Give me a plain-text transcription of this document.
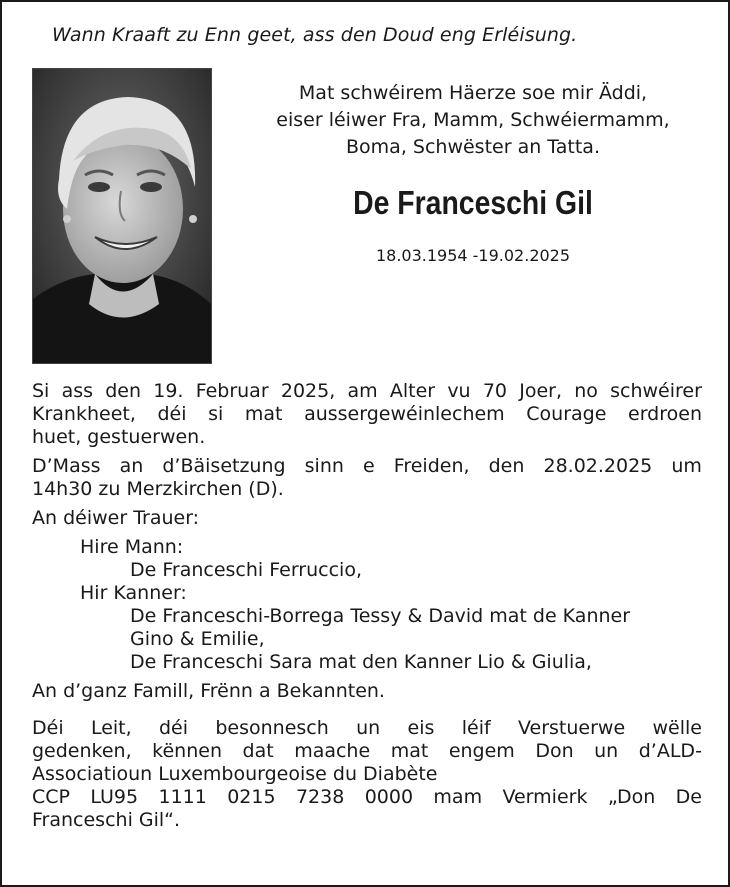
Wann Kraaft zu Enn geet, ass den Doud eng Erléisung.
Mat schwéirem Häerze soe mir Äddi,
eiser léiwer Fra, Mamm, Schwéiermamm,
Boma, Schwëster an Tatta.
De Franceschi Gil
18.03.1954 -19.02.2025
Si ass den 19. Februar 2025, am Alter vu 70 Joer, no schwéirer
Krankheet, déi si mat aussergewéinlechem Courage erdroen
huet, gestuerwen.
D’Mass an d’Bäisetzung sinn e Freiden, den 28.02.2025 um
14h30 zu Merzkirchen (D).
An déiwer Trauer:
Hire Mann:
De Franceschi Ferruccio,
Hir Kanner:
De Franceschi-Borrega Tessy & David mat de Kanner
Gino & Emilie,
De Franceschi Sara mat den Kanner Lio & Giulia,
An d’ganz Famill, Frënn a Bekannten.
Déi Leit, déi besonnesch un eis léif Verstuerwe wëlle
gedenken, kënnen dat maache mat engem Don un d’ALD-
Associatioun Luxembourgeoise du Diabète
CCP LU95 1111 0215 7238 0000 mam Vermierk „Don De
Franceschi Gil“.
